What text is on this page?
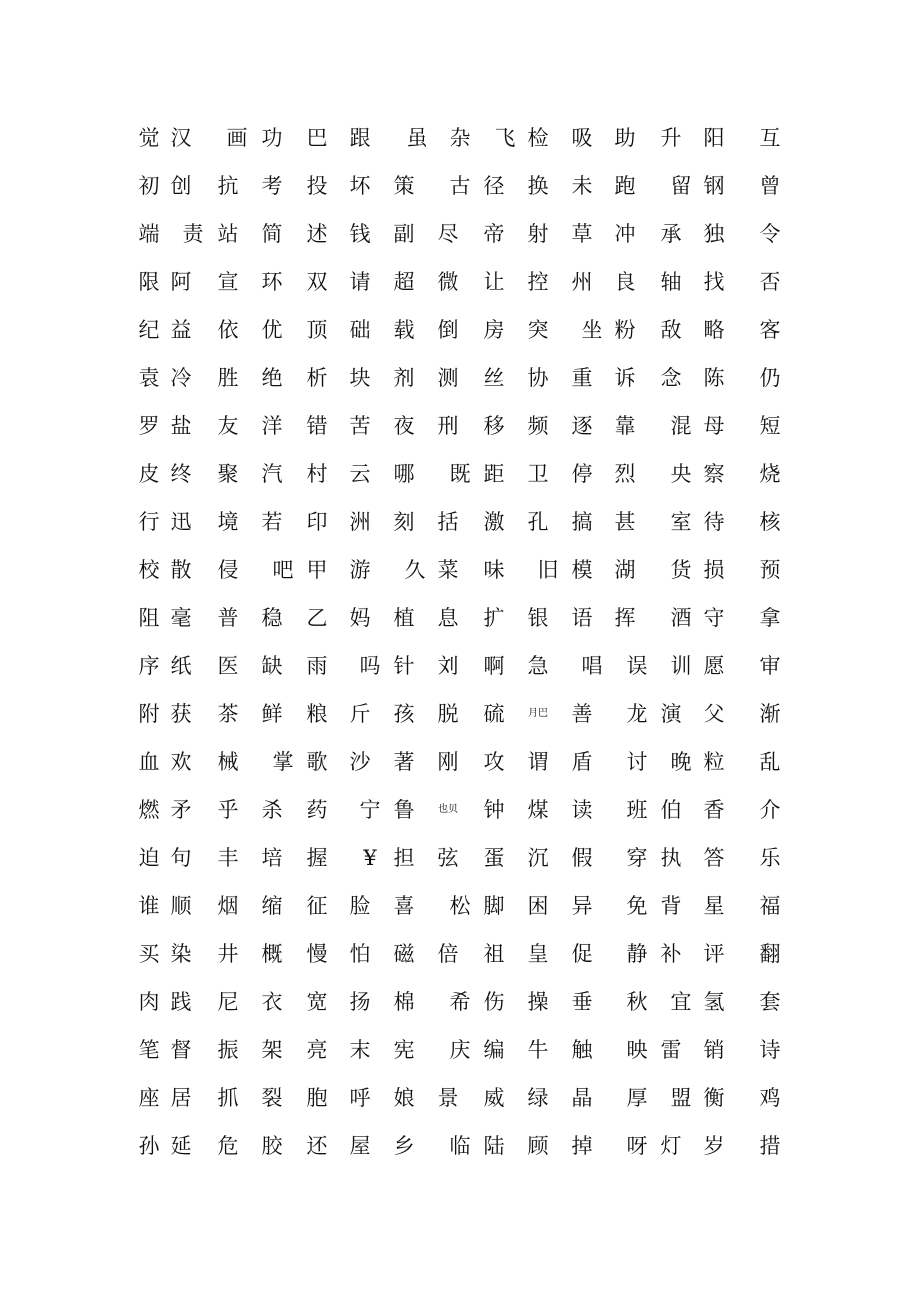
觉 汉	画 功	巴	跟	虽	杂	飞 检	吸	助	升	阳	互
初 创	抗	考	投	坏	策	古 径	换	未	跑	留 钢	曾
端	责 站	简	述	钱	副	尽	帝	射	草	冲	承	独	令
限 阿	宣	环	双	请	超	微	让	控	州	良	轴	找	否
纪 益	依	优	顶	础	载	倒	房	突	坐 粉	敌	略	客
袁 冷	胜	绝	析	块	剂	测	丝	协	重	诉	念	陈	仍
罗 盐	友	洋	错	苦	夜	刑	移	频	逐	靠	混 母	短
皮 终	聚	汽	村	云	哪	既 距	卫	停	烈	央 察	烧
行 迅	境	若	印	洲	刻	括	激	孔	搞	甚	室 待	核
校 散	侵	吧 甲	游	久 菜	味	旧 模	湖	货 损	预
阻 毫	普	稳	乙	妈	植	息	扩	银	语	挥	酒 守	拿
序 纸	医	缺	雨	吗 针	刘	啊	急	唱	误	训 愿	审
附 获	茶	鲜	粮	斤	孩	脱	硫	月巴	善	龙 演	父	渐
血 欢	械	掌 歌	沙	著	刚	攻	谓	盾	讨	晚 粒	乱
燃 矛	乎	杀	药	宁 鲁	也贝	钟	煤	读	班 伯	香	介
迫 句	丰	培	握	¥ 担	弦	蛋	沉	假	穿 执	答	乐
谁 顺	烟	缩	征	脸	喜	松 脚	困	异	免 背	星	福
买 染	井	概	慢	怕	磁	倍	祖	皇	促	静 补	评	翻
肉 践	尼	衣	宽	扬	棉	希 伤	操	垂	秋	宜 氢	套
笔 督	振	架	亮	末	宪	庆 编	牛	触	映 雷	销	诗
座 居	抓	裂	胞	呼	娘	景	威	绿	晶	厚	盟 衡	鸡
孙 延	危	胶	还	屋	乡	临 陆	顾	掉	呀 灯	岁	措
